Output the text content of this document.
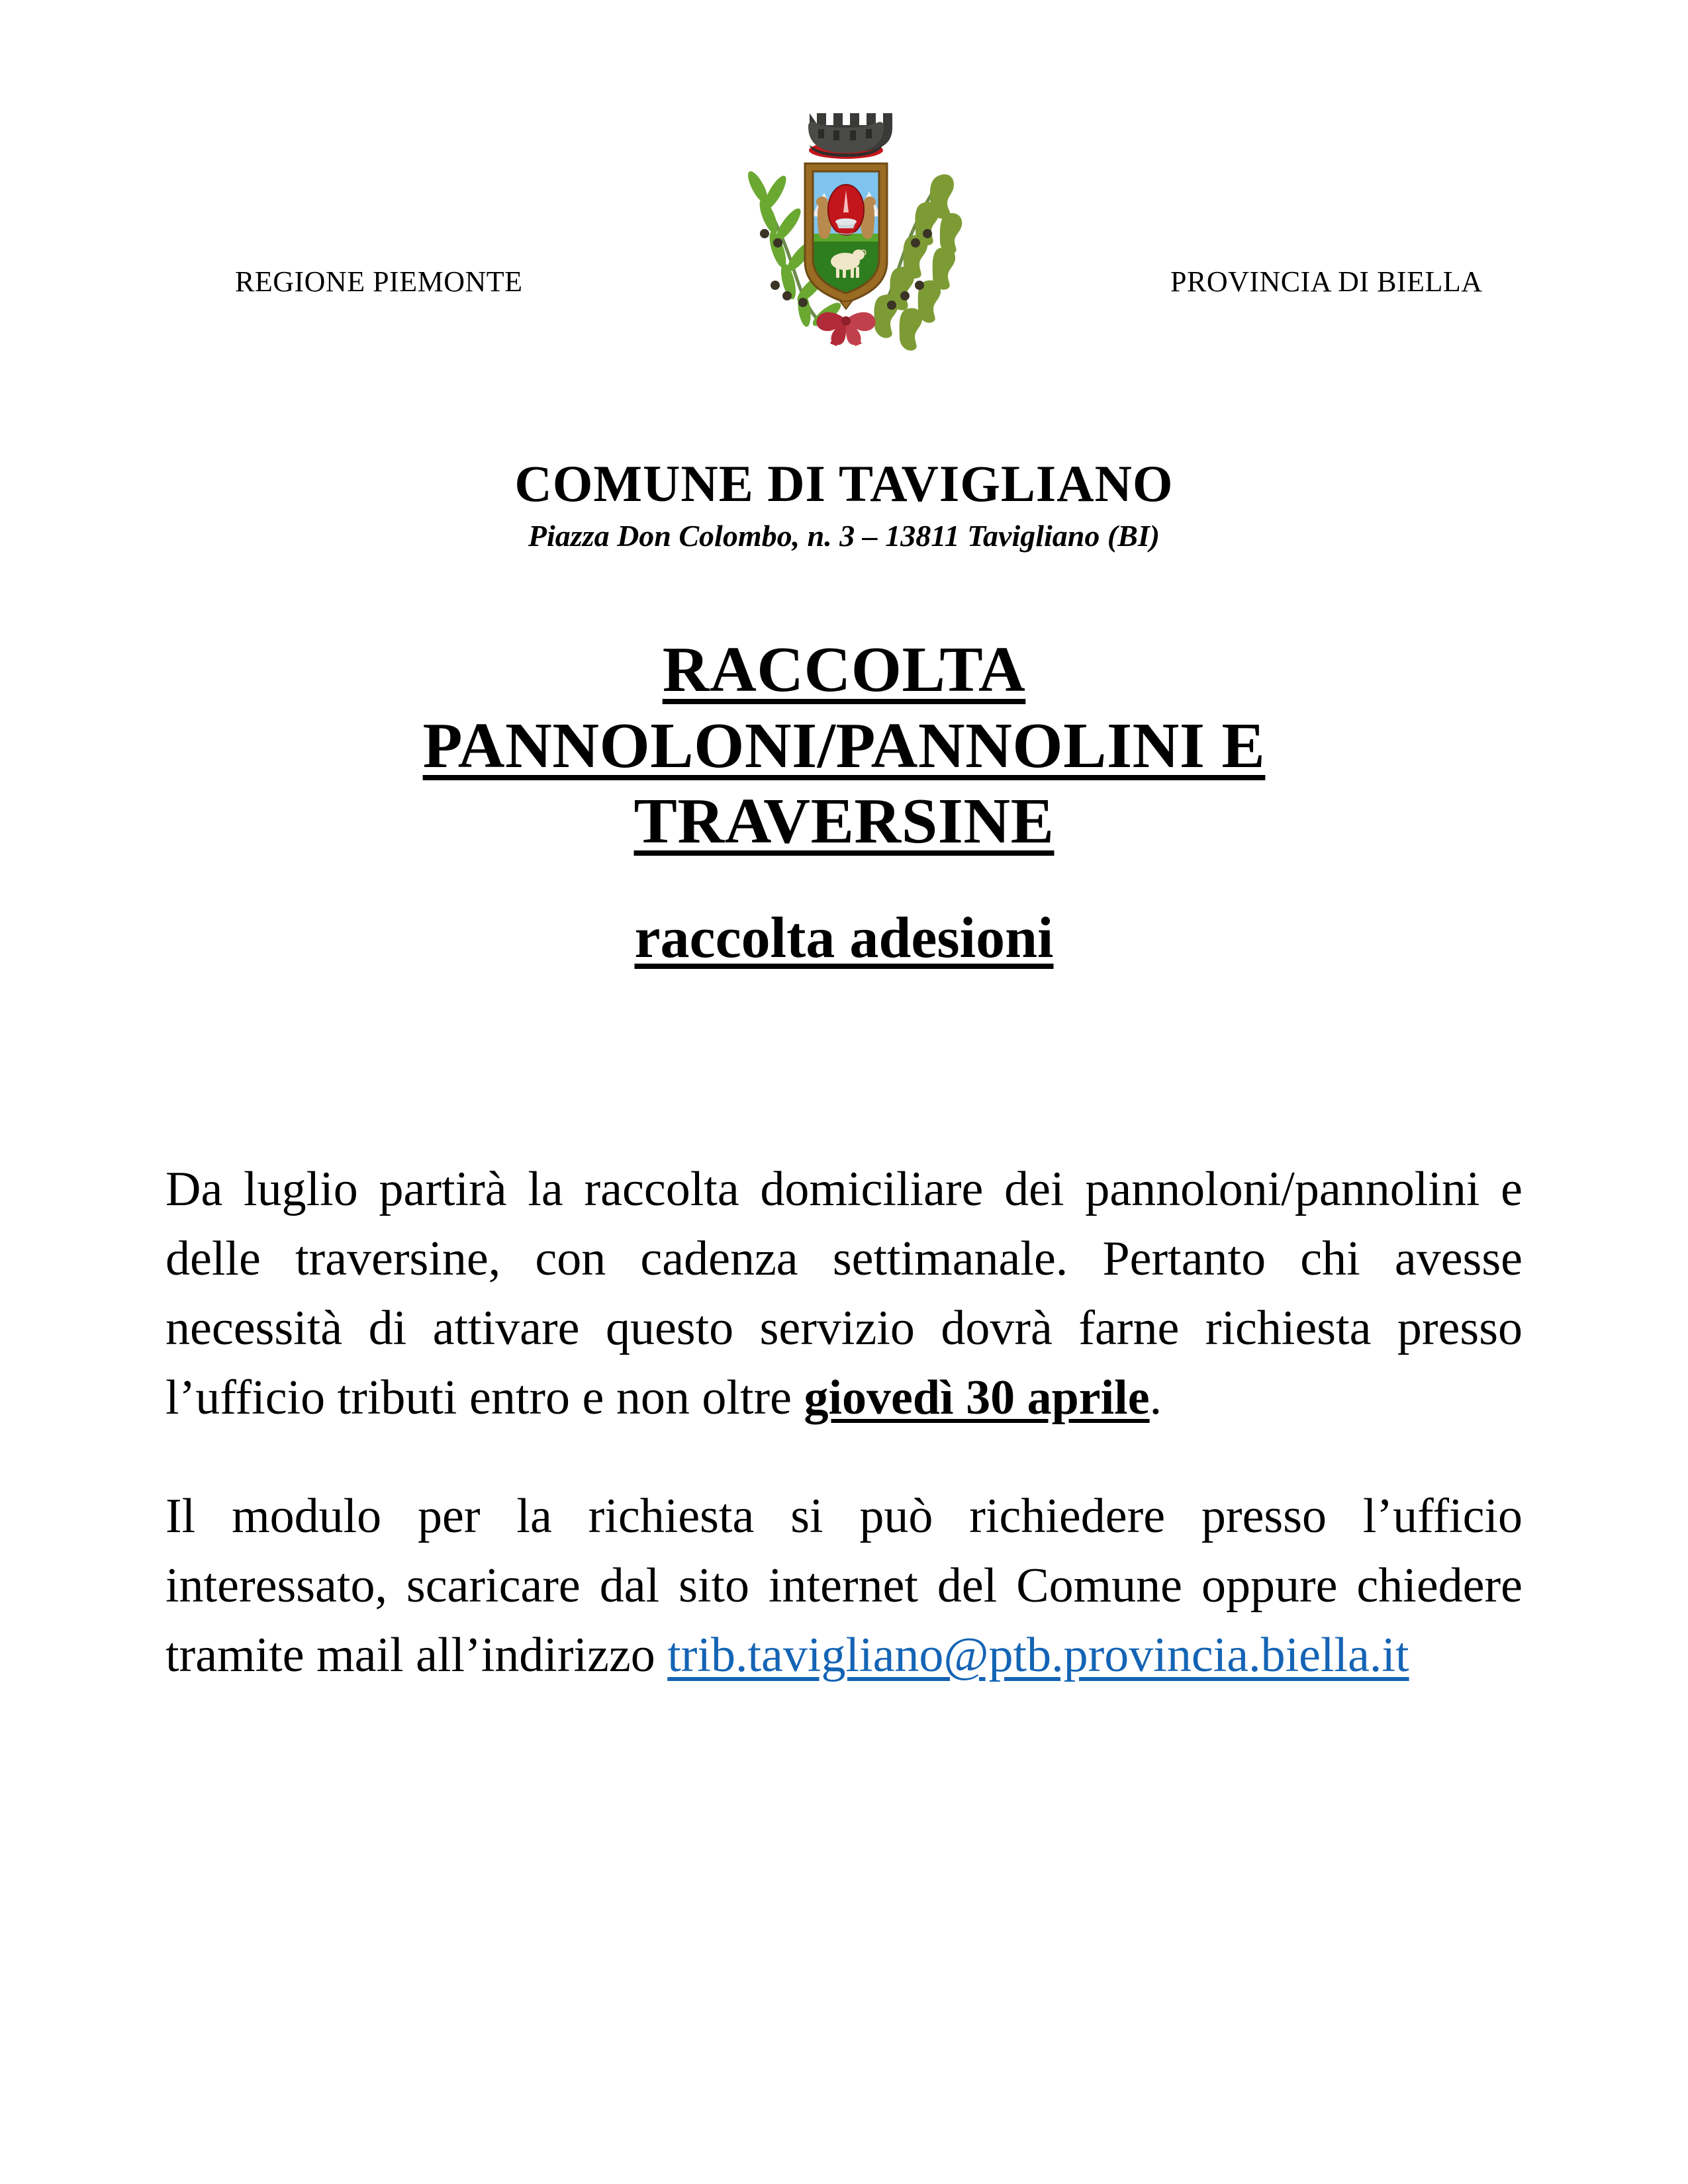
REGIONE PIEMONTE	PROVINCIA DI BIELLA
COMUNE DI TAVIGLIANO
Piazza Don Colombo, n. 3 – 13811 Tavigliano (BI)
RACCOLTA
PANNOLONI/PANNOLINI E
TRAVERSINE
raccolta adesioni

Da luglio partirà la raccolta domiciliare dei pannoloni/pannolini e delle traversine, con cadenza settimanale. Pertanto chi avesse necessità di attivare questo servizio dovrà farne richiesta presso l’ufficio tributi entro e non oltre giovedì 30 aprile.

Il modulo per la richiesta si può richiedere presso l’ufficio interessato, scaricare dal sito internet del Comune oppure chiedere tramite mail all’indirizzo trib.tavigliano@ptb.provincia.biella.it
